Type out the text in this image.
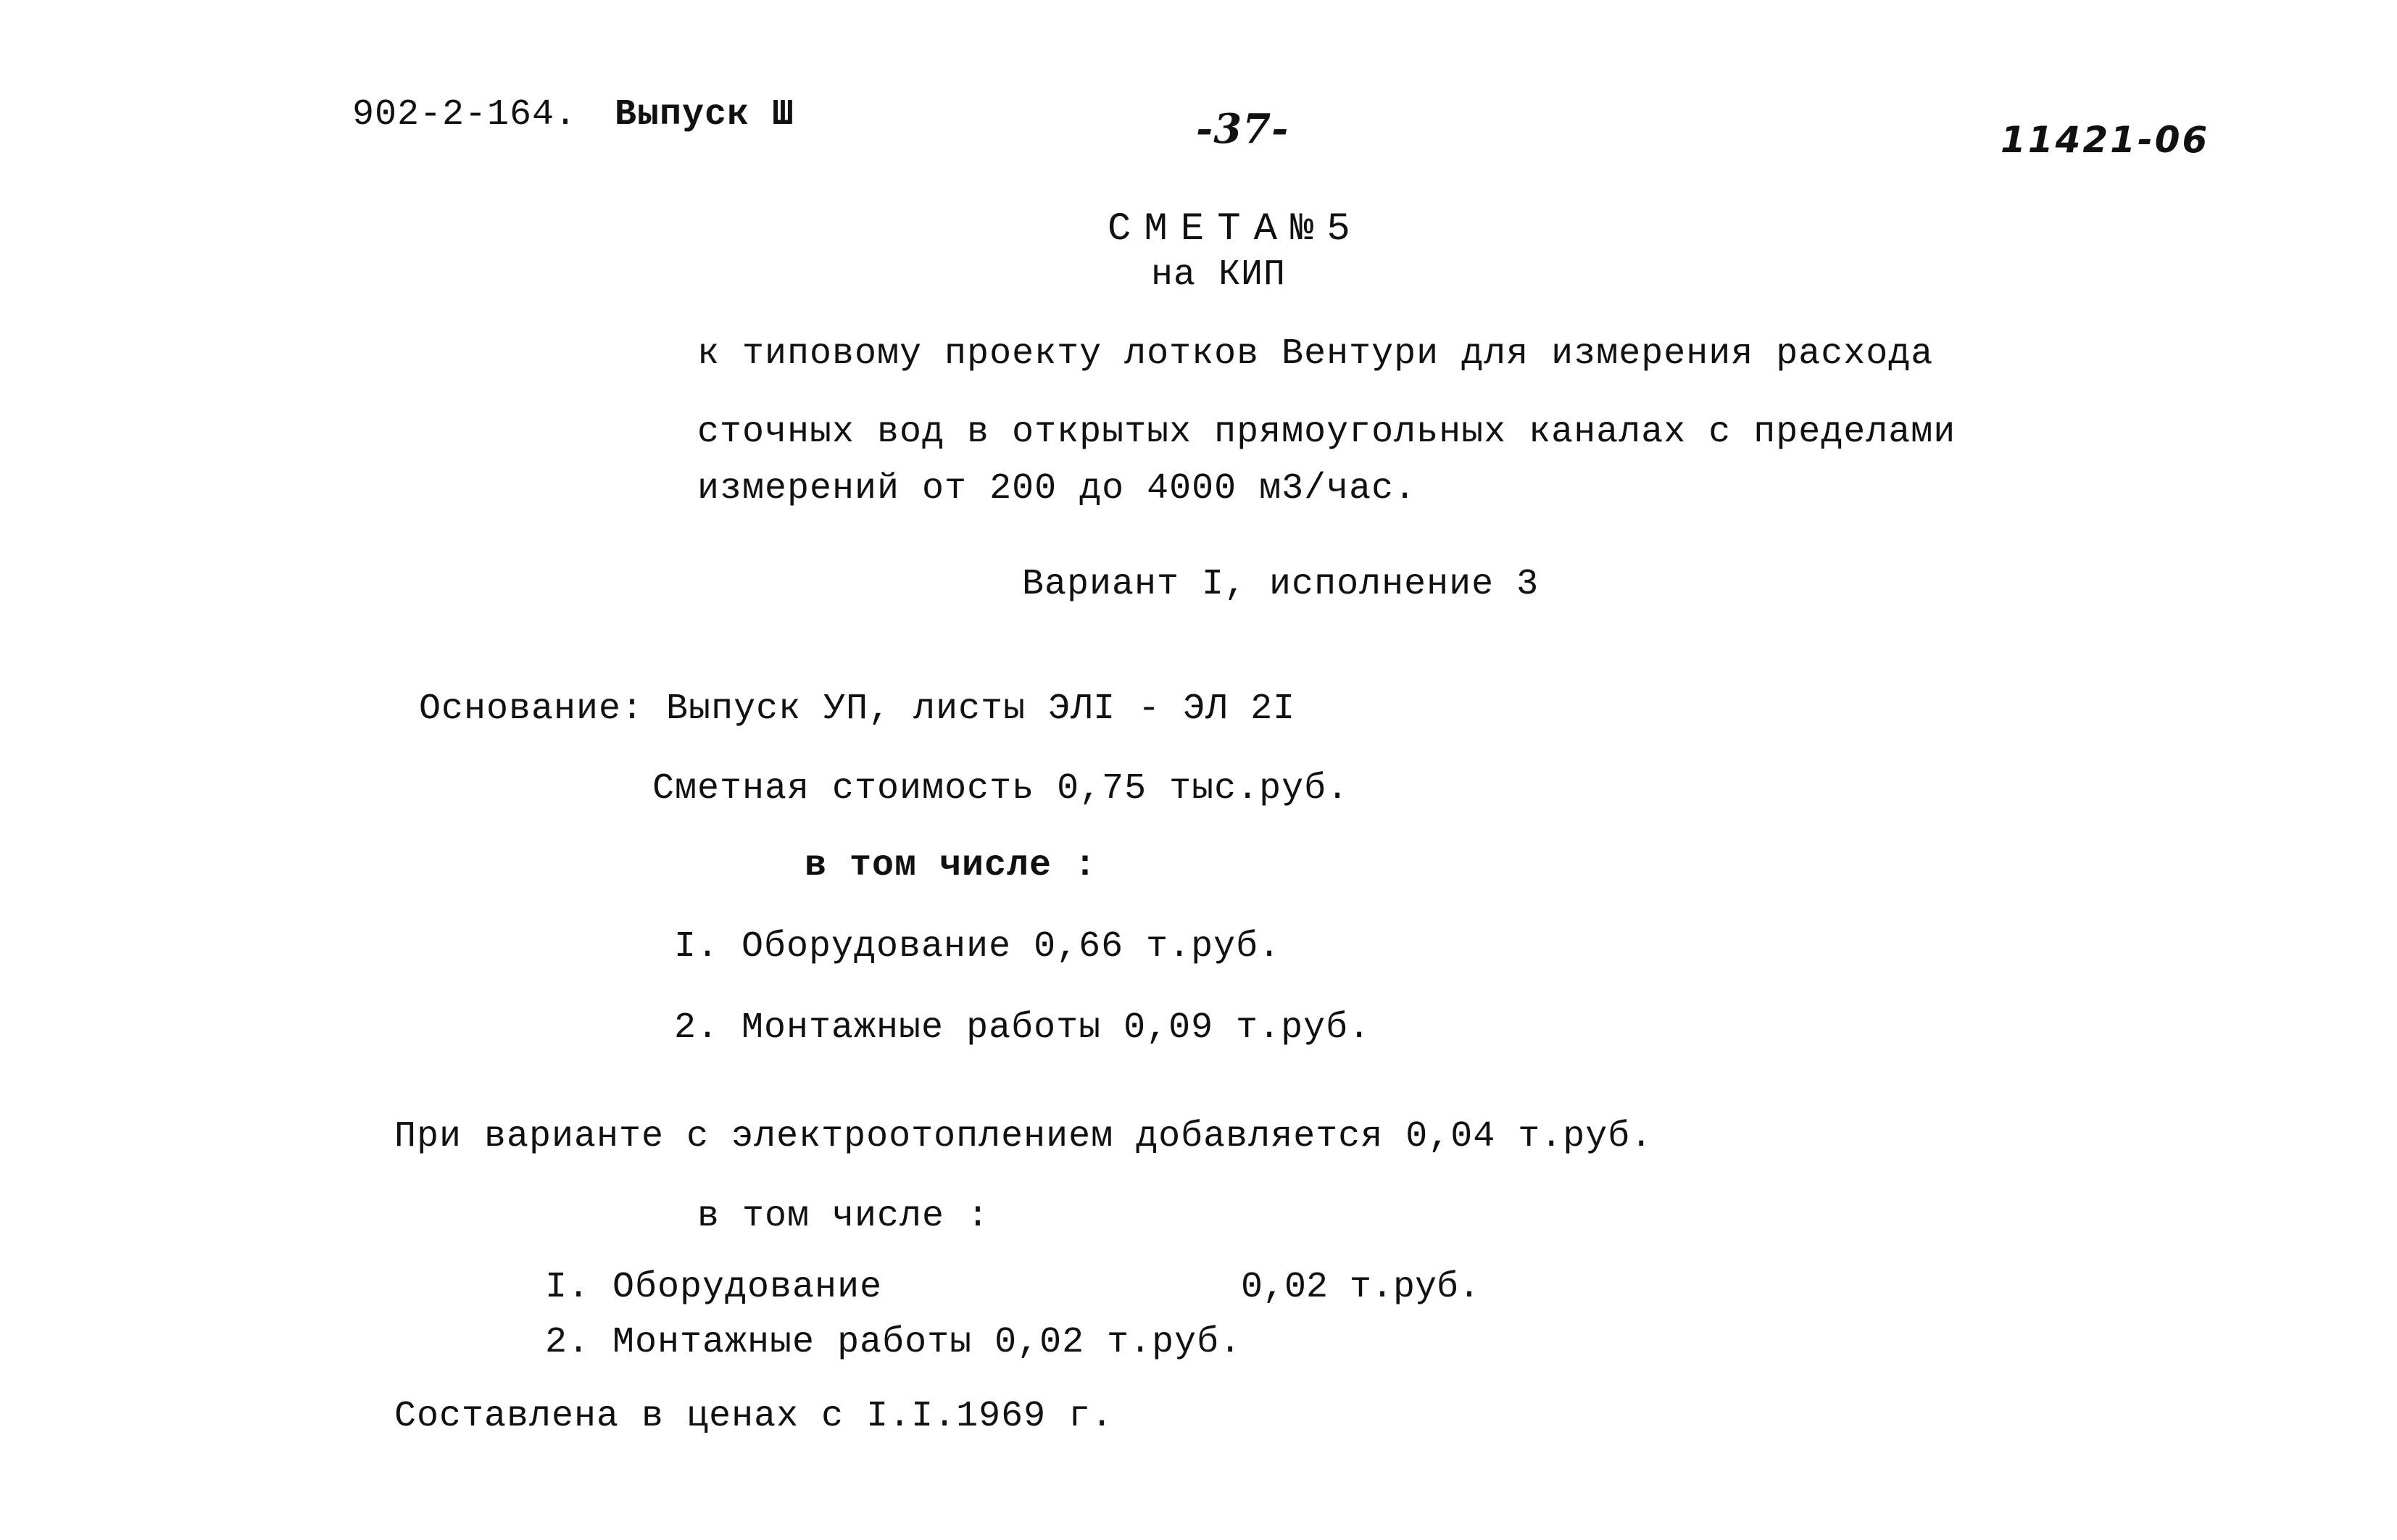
902-2-164. Выпуск Ш	-37-	11421-06
СМЕТА№5
на КИП
к типовому проекту лотков Вентури для измерения расхода
сточных вод в открытых прямоугольных каналах с пределами
измерений от 200 до 4000 м3/час.
Вариант I, исполнение 3
Основание: Выпуск УП, листы ЭЛI - ЭЛ 2I
Сметная стоимость 0,75 тыс.руб.
в том числе :
I. Оборудование 0,66 т.руб.
2. Монтажные работы 0,09 т.руб.
При варианте с электроотоплением добавляется 0,04 т.руб.
в том числе :
I. Оборудование	0,02 т.руб.
2. Монтажные работы 0,02 т.руб.
Составлена в ценах с I.I.1969 г.
